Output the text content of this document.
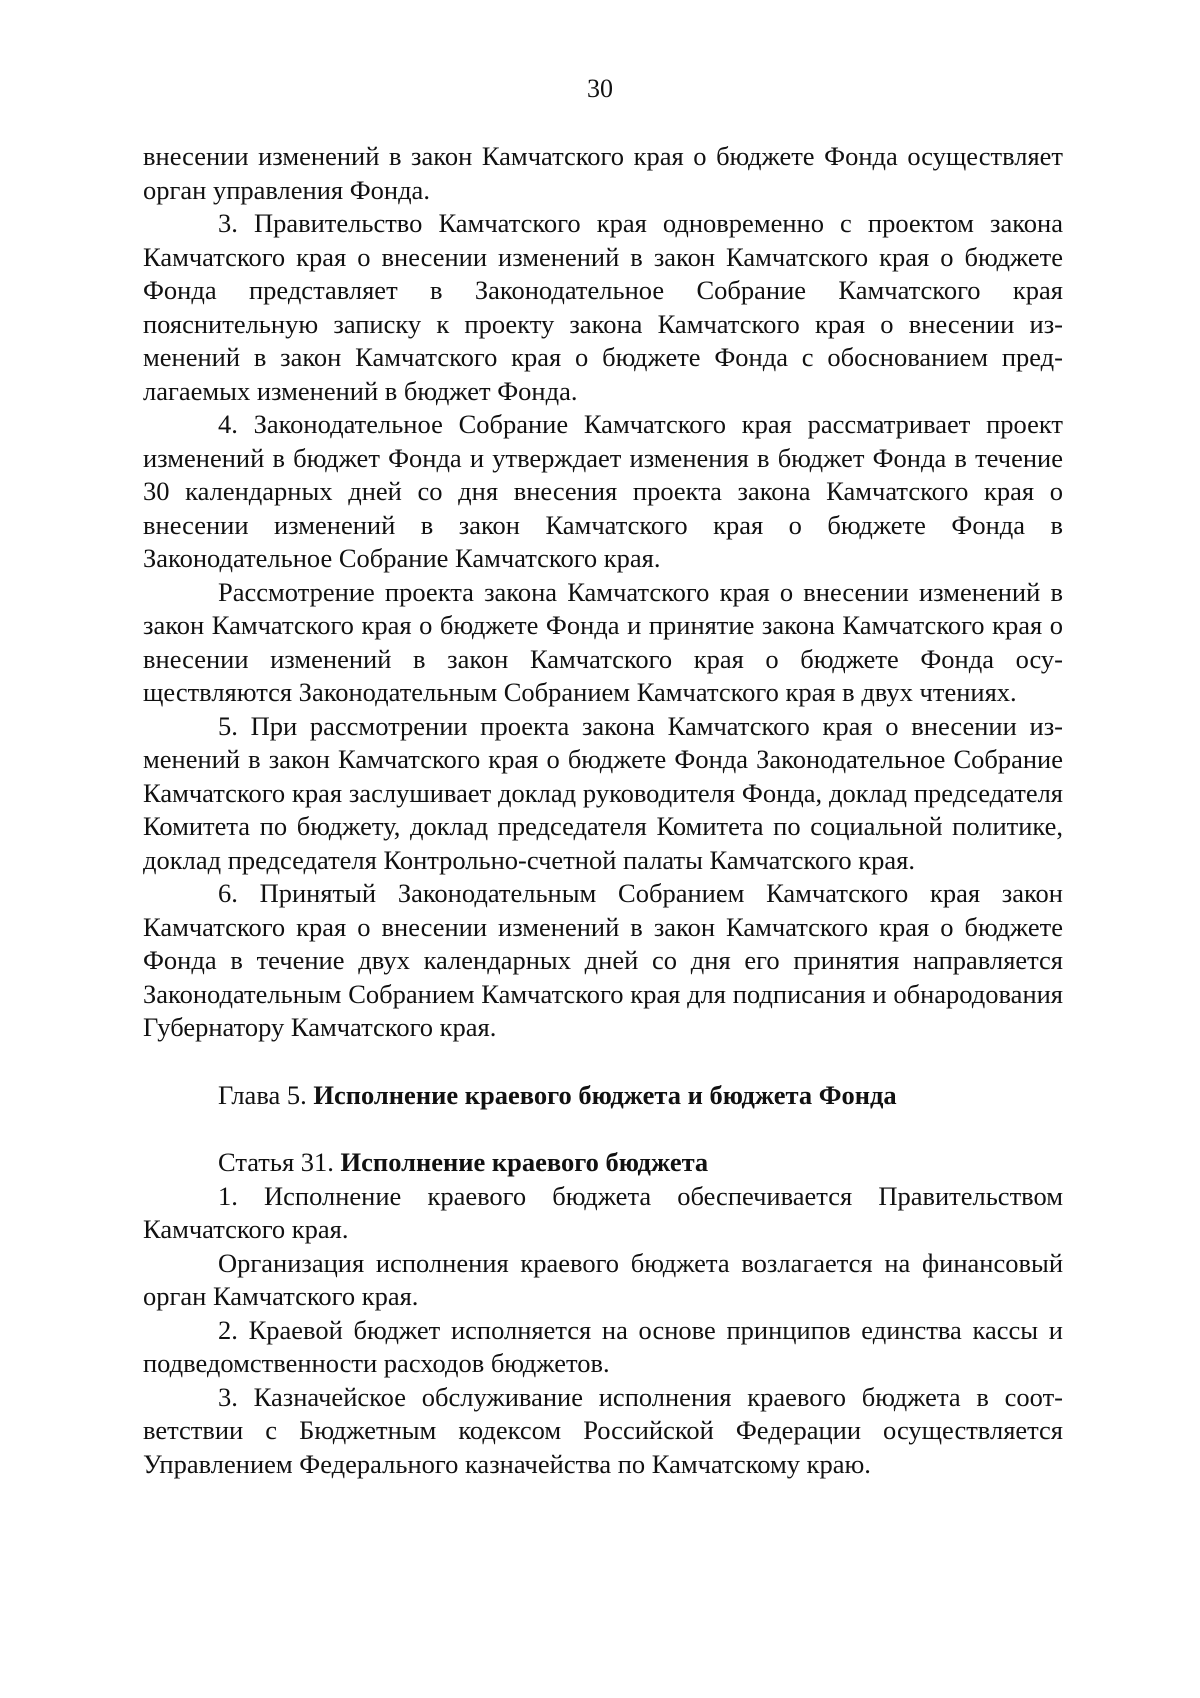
30

внесении изменений в закон Камчатского края о бюджете Фонда осуществляет орган управления Фонда.

3. Правительство Камчатского края одновременно с проектом закона Камчатского края о внесении изменений в закон Камчатского края о бюджете Фонда представляет в Законодательное Собрание Камчатского края пояснительную записку к проекту закона Камчатского края о внесении изменений в закон Камчатского края о бюджете Фонда с обоснованием предлагаемых изменений в бюджет Фонда.

4. Законодательное Собрание Камчатского края рассматривает проект изменений в бюджет Фонда и утверждает изменения в бюджет Фонда в течение 30 календарных дней со дня внесения проекта закона Камчатского края о внесении изменений в закон Камчатского края о бюджете Фонда в Законодательное Собрание Камчатского края.

Рассмотрение проекта закона Камчатского края о внесении изменений в закон Камчатского края о бюджете Фонда и принятие закона Камчатского края о внесении изменений в закон Камчатского края о бюджете Фонда осуществляются Законодательным Собранием Камчатского края в двух чтениях.

5. При рассмотрении проекта закона Камчатского края о внесении изменений в закон Камчатского края о бюджете Фонда Законодательное Собрание Камчатского края заслушивает доклад руководителя Фонда, доклад председателя Комитета по бюджету, доклад председателя Комитета по социальной политике, доклад председателя Контрольно-счетной палаты Камчатского края.

6. Принятый Законодательным Собранием Камчатского края закон Камчатского края о внесении изменений в закон Камчатского края о бюджете Фонда в течение двух календарных дней со дня его принятия направляется Законодательным Собранием Камчатского края для подписания и обнародования Губернатору Камчатского края.

Глава 5. Исполнение краевого бюджета и бюджета Фонда

Статья 31. Исполнение краевого бюджета

1. Исполнение краевого бюджета обеспечивается Правительством Камчатского края.

Организация исполнения краевого бюджета возлагается на финансовый орган Камчатского края.

2. Краевой бюджет исполняется на основе принципов единства кассы и подведомственности расходов бюджетов.

3. Казначейское обслуживание исполнения краевого бюджета в соответствии с Бюджетным кодексом Российской Федерации осуществляется Управлением Федерального казначейства по Камчатскому краю.
